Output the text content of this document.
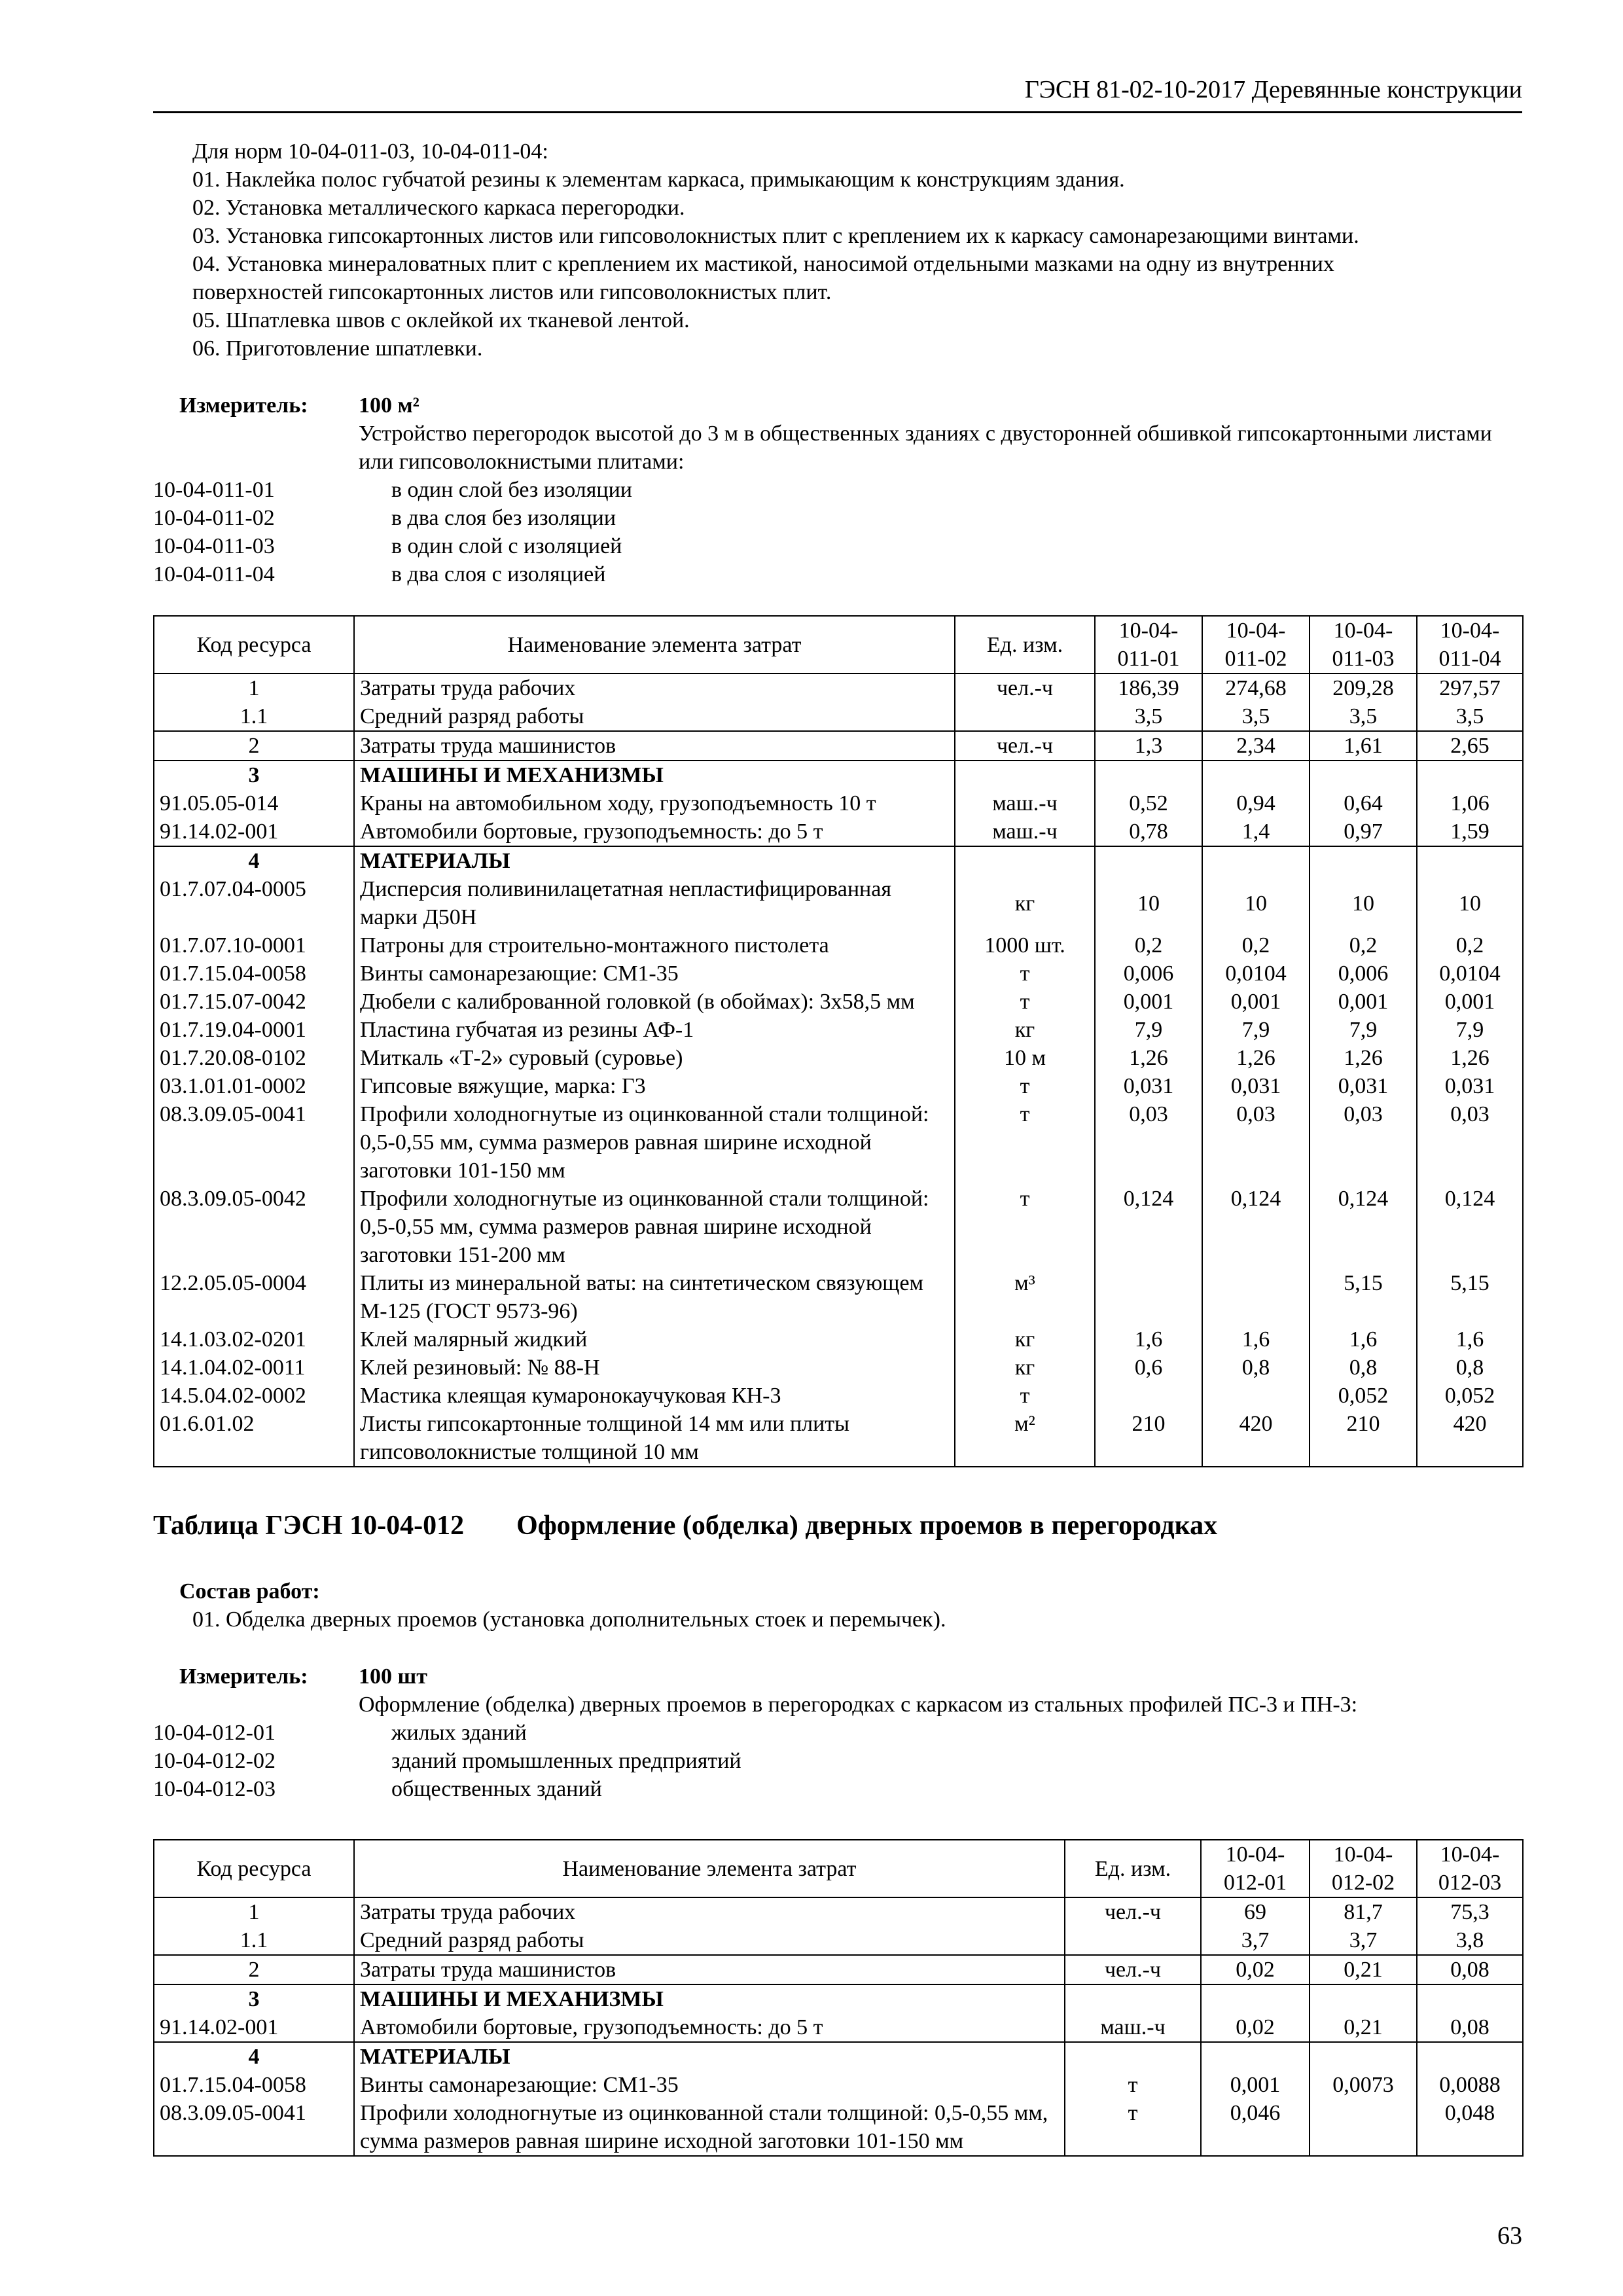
ГЭСН 81-02-10-2017 Деревянные конструкции
Для норм 10-04-011-03, 10-04-011-04:
01. Наклейка полос губчатой резины к элементам каркаса, примыкающим к конструкциям здания.
02. Установка металлического каркаса перегородки.
03. Установка гипсокартонных листов или гипсоволокнистых плит с креплением их к каркасу самонарезающими винтами.
04. Установка минераловатных плит с креплением их мастикой, наносимой отдельными мазками на одну из внутренних
поверхностей гипсокартонных листов или гипсоволокнистых плит.
05. Шпатлевка швов с оклейкой их тканевой лентой.
06. Приготовление шпатлевки.
Измеритель:	100 м²
Устройство перегородок высотой до 3 м в общественных зданиях с двусторонней обшивкой гипсокартонными листами или гипсоволокнистыми плитами:
10-04-011-01	в один слой без изоляции
10-04-011-02	в два слоя без изоляции
10-04-011-03	в один слой с изоляцией
10-04-011-04	в два слоя с изоляцией
Код ресурса	Наименование элемента затрат	Ед. изм.	10-04-011-01	10-04-011-02	10-04-011-03	10-04-011-04
1	Затраты труда рабочих	чел.-ч	186,39	274,68	209,28	297,57
1.1	Средний разряд работы		3,5	3,5	3,5	3,5
2	Затраты труда машинистов	чел.-ч	1,3	2,34	1,61	2,65
3	МАШИНЫ И МЕХАНИЗМЫ					
91.05.05-014	Краны на автомобильном ходу, грузоподъемность 10 т	маш.-ч	0,52	0,94	0,64	1,06
91.14.02-001	Автомобили бортовые, грузоподъемность: до 5 т	маш.-ч	0,78	1,4	0,97	1,59
4	МАТЕРИАЛЫ					
01.7.07.04-0005	Дисперсия поливинилацетатная непластифицированная марки Д50Н	кг	10	10	10	10
01.7.07.10-0001	Патроны для строительно-монтажного пистолета	1000 шт.	0,2	0,2	0,2	0,2
01.7.15.04-0058	Винты самонарезающие: СМ1-35	т	0,006	0,0104	0,006	0,0104
01.7.15.07-0042	Дюбели с калиброванной головкой (в обоймах): 3х58,5 мм	т	0,001	0,001	0,001	0,001
01.7.19.04-0001	Пластина губчатая из резины АФ-1	кг	7,9	7,9	7,9	7,9
01.7.20.08-0102	Миткаль «Т-2» суровый (суровье)	10 м	1,26	1,26	1,26	1,26
03.1.01.01-0002	Гипсовые вяжущие, марка: Г3	т	0,031	0,031	0,031	0,031
08.3.09.05-0041	Профили холодногнутые из оцинкованной стали толщиной: 0,5-0,55 мм, сумма размеров равная ширине исходной заготовки 101-150 мм	т	0,03	0,03	0,03	0,03
08.3.09.05-0042	Профили холодногнутые из оцинкованной стали толщиной: 0,5-0,55 мм, сумма размеров равная ширине исходной заготовки 151-200 мм	т	0,124	0,124	0,124	0,124
12.2.05.05-0004	Плиты из минеральной ваты: на синтетическом связующем М-125 (ГОСТ 9573-96)	м³			5,15	5,15
14.1.03.02-0201	Клей малярный жидкий	кг	1,6	1,6	1,6	1,6
14.1.04.02-0011	Клей резиновый: № 88-Н	кг	0,6	0,8	0,8	0,8
14.5.04.02-0002	Мастика клеящая кумаронокаучуковая КН-3	т			0,052	0,052
01.6.01.02	Листы гипсокартонные толщиной 14 мм или плиты гипсоволокнистые толщиной 10 мм	м²	210	420	210	420
Таблица ГЭСН 10-04-012 Оформление (обделка) дверных проемов в перегородках
Состав работ:
01. Обделка дверных проемов (установка дополнительных стоек и перемычек).
Измеритель:	100 шт
Оформление (обделка) дверных проемов в перегородках с каркасом из стальных профилей ПС-3 и ПН-3:
10-04-012-01	жилых зданий
10-04-012-02	зданий промышленных предприятий
10-04-012-03	общественных зданий
Код ресурса	Наименование элемента затрат	Ед. изм.	10-04-012-01	10-04-012-02	10-04-012-03
1	Затраты труда рабочих	чел.-ч	69	81,7	75,3
1.1	Средний разряд работы		3,7	3,7	3,8
2	Затраты труда машинистов	чел.-ч	0,02	0,21	0,08
3	МАШИНЫ И МЕХАНИЗМЫ				
91.14.02-001	Автомобили бортовые, грузоподъемность: до 5 т	маш.-ч	0,02	0,21	0,08
4	МАТЕРИАЛЫ				
01.7.15.04-0058	Винты самонарезающие: СМ1-35	т	0,001	0,0073	0,0088
08.3.09.05-0041	Профили холодногнутые из оцинкованной стали толщиной: 0,5-0,55 мм, сумма размеров равная ширине исходной заготовки 101-150 мм	т	0,046		0,048
63
